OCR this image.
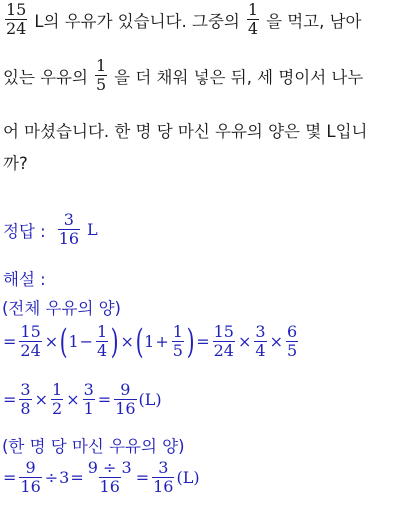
$\frac{15}{24}$ L의 우유가 있습니다. 그중의 $\frac{1}{4}$ 을 먹고, 남아
있는 우유의 $\frac{1}{5}$ 을 더 채워 넣은 뒤, 세 명이서 나누
어 마셨습니다. 한 명 당 마신 우유의 양은 몇 L입니
까?
정답 : $\frac{3}{16}$ L
해설 :
(전체 우유의 양)
= $\frac{15}{24}$ × ( $1 - \frac{1}{4}$ ) × ( $1 + \frac{1}{5}$ ) = $\frac{15}{24} \times \frac{3}{4} \times \frac{6}{5}$
= $\frac{3}{8} \times \frac{1}{2} \times \frac{3}{1} = \frac{9}{16} (L)$
(한 명 당 마신 우유의 양)
= $\frac{9}{16} \div 3 = \frac{9 \div 3}{16} = \frac{3}{16} (L)$
